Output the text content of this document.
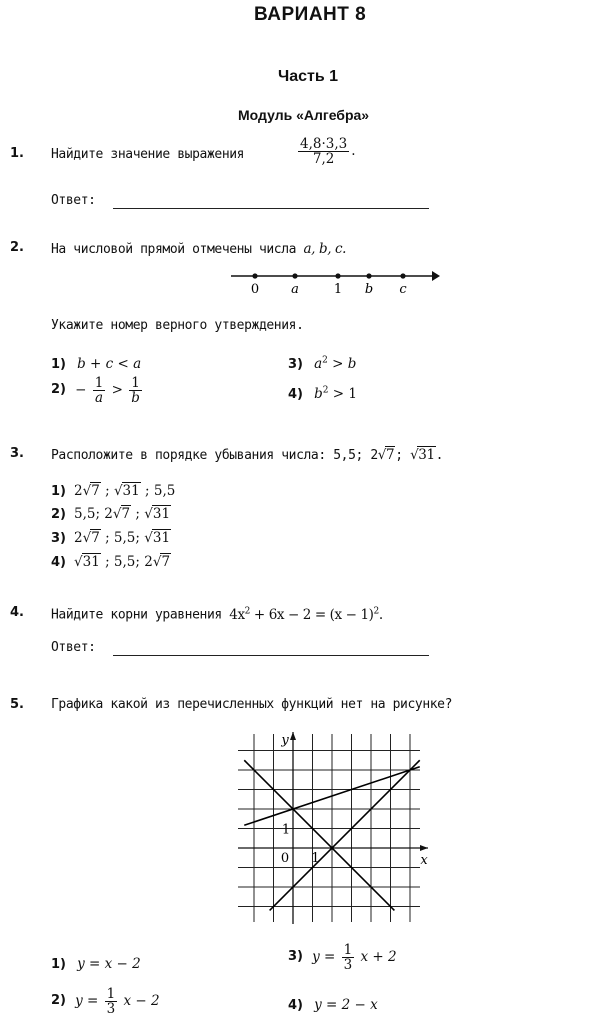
ВАРИАНТ 8
Часть 1
Модуль «Алгебра»
1. Найдите значение выражения	$\frac{4,8\cdot 3,3}{7,2}$ .
Ответ:
2. На числовой прямой отмечены числа a, b, c.
0 a	1 b c
Укажите номер верного утверждения.
1) b + c < a
$2) - \frac{1}{a} > \frac{1}{b}$
3) $a^2 > b$
4) $b^2 > 1$
3. Расположите в порядке убывания числа: 5,5; 2√7; √31.
1) 2√7 ; √31 ; 5,5
2) 5,5; 2√7 ; √31
3) 2√7 ; 5,5; √31
4) √31 ; 5,5; 2√7
4. Найдите корни уравнения $4x^2 + 6x - 2 = (x - 1)^2$.
Ответ:
5. Графика какой из перечисленных функций нет на рисунке?
0 1
1
x
y
1) y = x − 2
2) $y = \frac{1}{3}$ x − 2
3) $y = \frac{1}{3}$ x + 2
4) y = 2 − x
